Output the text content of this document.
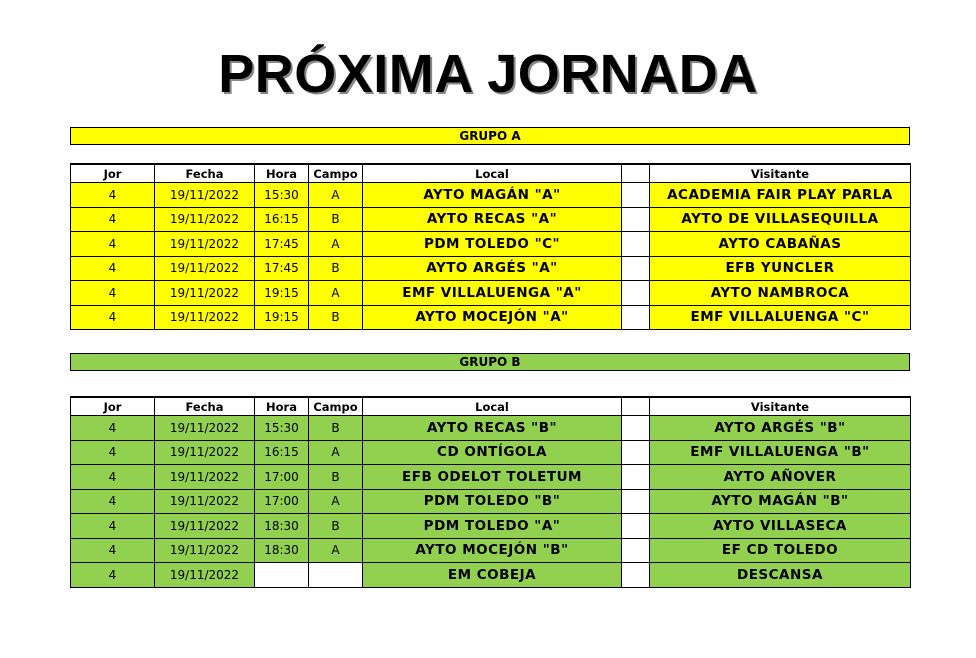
PRÓXIMA JORNADA
GRUPO A
Jor	Fecha	Hora	Campo	Local		Visitante
4	19/11/2022	15:30	A	AYTO MAGÁN "A"		ACADEMIA FAIR PLAY PARLA
4	19/11/2022	16:15	B	AYTO RECAS "A"		AYTO DE VILLASEQUILLA
4	19/11/2022	17:45	A	PDM TOLEDO "C"		AYTO CABAÑAS
4	19/11/2022	17:45	B	AYTO ARGÉS "A"		EFB YUNCLER
4	19/11/2022	19:15	A	EMF VILLALUENGA "A"		AYTO NAMBROCA
4	19/11/2022	19:15	B	AYTO MOCEJÓN "A"		EMF VILLALUENGA "C"
GRUPO B
Jor	Fecha	Hora	Campo	Local		Visitante
4	19/11/2022	15:30	B	AYTO RECAS "B"		AYTO ARGÉS "B"
4	19/11/2022	16:15	A	CD ONTÍGOLA		EMF VILLALUENGA "B"
4	19/11/2022	17:00	B	EFB ODELOT TOLETUM		AYTO AÑOVER
4	19/11/2022	17:00	A	PDM TOLEDO "B"		AYTO MAGÁN "B"
4	19/11/2022	18:30	B	PDM TOLEDO "A"		AYTO VILLASECA
4	19/11/2022	18:30	A	AYTO MOCEJÓN "B"		EF CD TOLEDO
4	19/11/2022			EM COBEJA		DESCANSA
